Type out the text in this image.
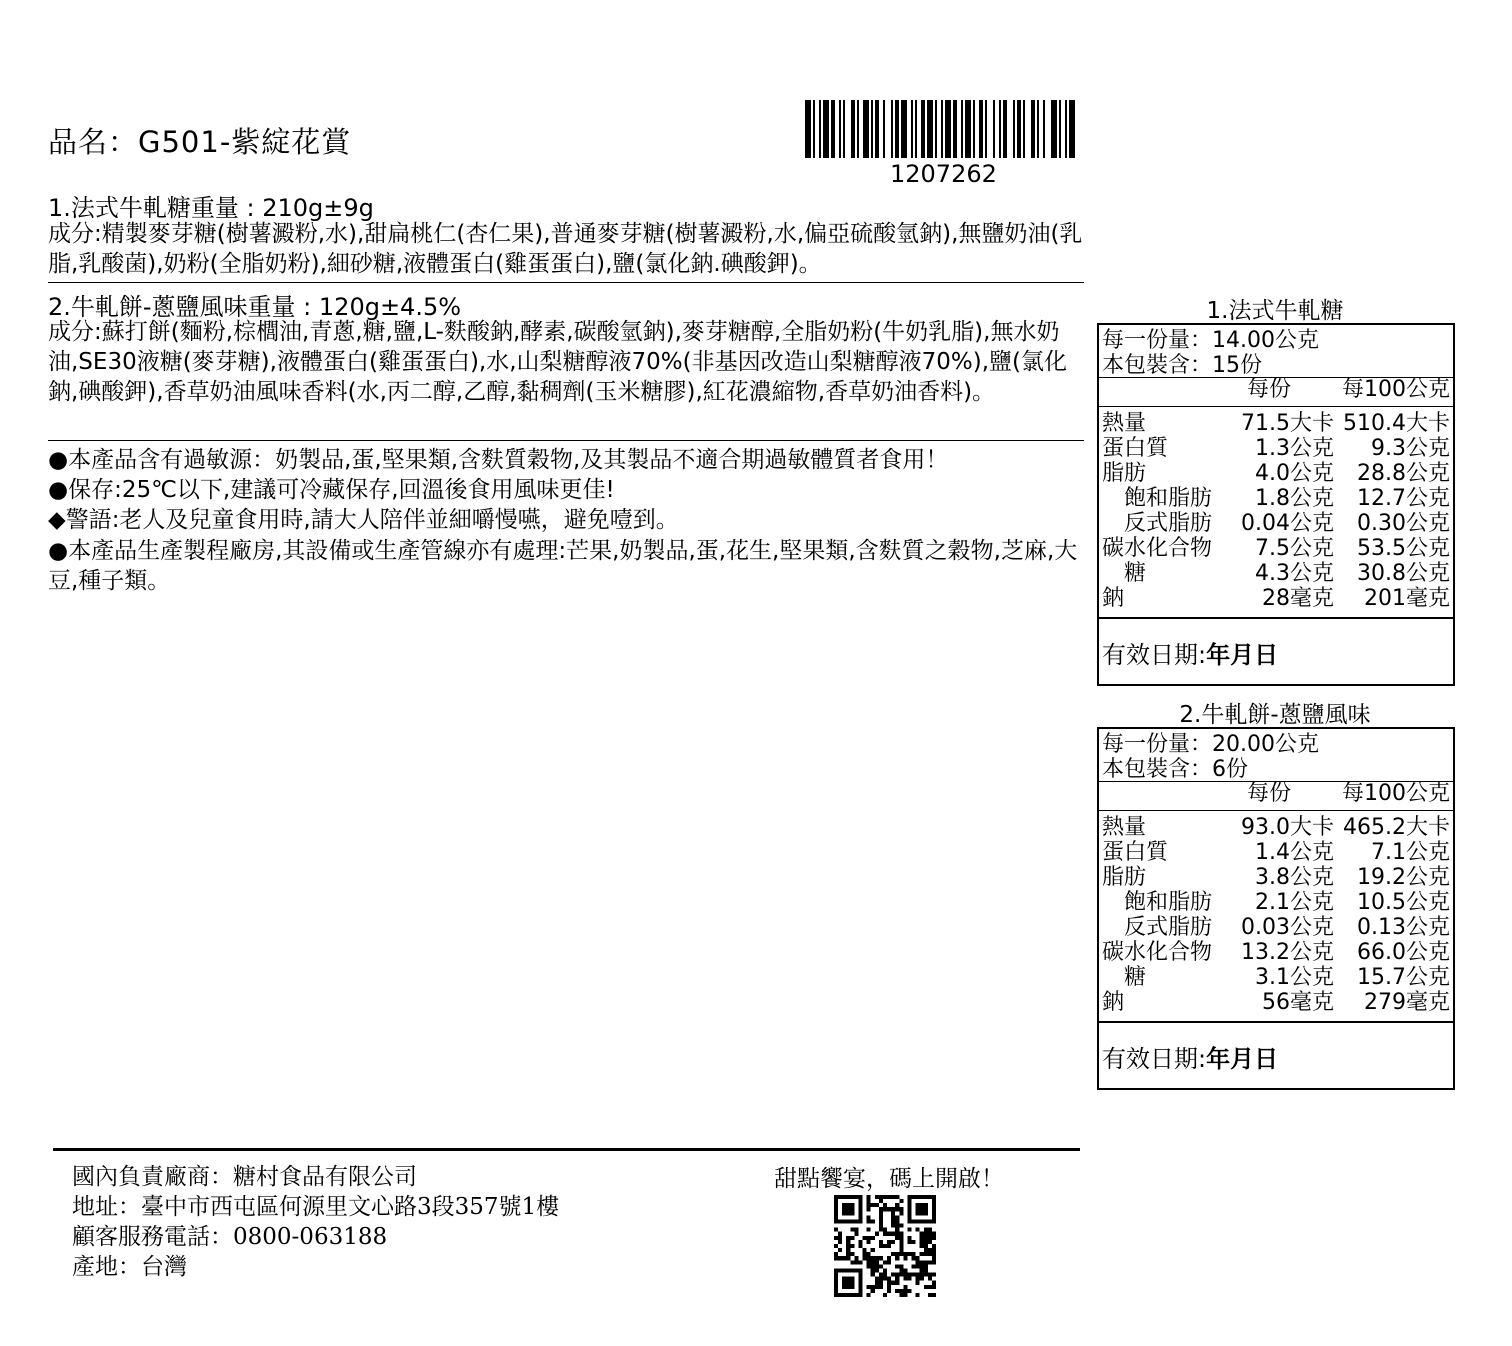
品名：G501-紫綻花賞
1207262
1.法式牛軋糖重量 : 210g±9g
成分:精製麥芽糖(樹薯澱粉,水),甜扁桃仁(杏仁果),普通麥芽糖(樹薯澱粉,水,偏亞硫酸氫鈉),無鹽奶油(乳脂,乳酸菌),奶粉(全脂奶粉),細砂糖,液體蛋白(雞蛋蛋白),鹽(氯化鈉.碘酸鉀)。
2.牛軋餅-蔥鹽風味重量 : 120g±4.5%
成分:蘇打餅(麵粉,棕櫚油,青蔥,糖,鹽,L-麩酸鈉,酵素,碳酸氫鈉),麥芽糖醇,全脂奶粉(牛奶乳脂),無水奶油,SE30液糖(麥芽糖),液體蛋白(雞蛋蛋白),水,山梨糖醇液70%(非基因改造山梨糖醇液70%),鹽(氯化鈉,碘酸鉀),香草奶油風味香料(水,丙二醇,乙醇,黏稠劑(玉米糖膠),紅花濃縮物,香草奶油香料)。
●本產品含有過敏源：奶製品,蛋,堅果類,含麩質穀物,及其製品不適合期過敏體質者食用！
●保存:25℃以下,建議可冷藏保存,回溫後食用風味更佳!
◆警語:老人及兒童食用時,請大人陪伴並細嚼慢嚥，避免噎到。
●本產品生產製程廠房,其設備或生產管線亦有處理:芒果,奶製品,蛋,花生,堅果類,含麩質之穀物,芝麻,大豆,種子類。
1.法式牛軋糖
每一份量：14.00公克
本包裝含：15份
每份 每100公克
熱量	71.5大卡 510.4大卡
蛋白質	1.3公克 9.3公克
脂肪	4.0公克 28.8公克
　飽和脂肪 1.8公克 12.7公克
　反式脂肪 0.04公克 0.30公克
碳水化合物 7.5公克 53.5公克
　糖	4.3公克 30.8公克
鈉	28毫克 201毫克
有效日期:年月日
2.牛軋餅-蔥鹽風味
每一份量：20.00公克
本包裝含：6份
每份 每100公克
熱量	93.0大卡 465.2大卡
蛋白質	1.4公克 7.1公克
脂肪	3.8公克 19.2公克
　飽和脂肪 2.1公克 10.5公克
　反式脂肪 0.03公克 0.13公克
碳水化合物 13.2公克 66.0公克
　糖	3.1公克 15.7公克
鈉	56毫克 279毫克
有效日期:年月日
國內負責廠商：糖村食品有限公司
地址：臺中市西屯區何源里文心路3段357號1樓
顧客服務電話：0800-063188
產地：台灣
甜點饗宴，碼上開啟！
